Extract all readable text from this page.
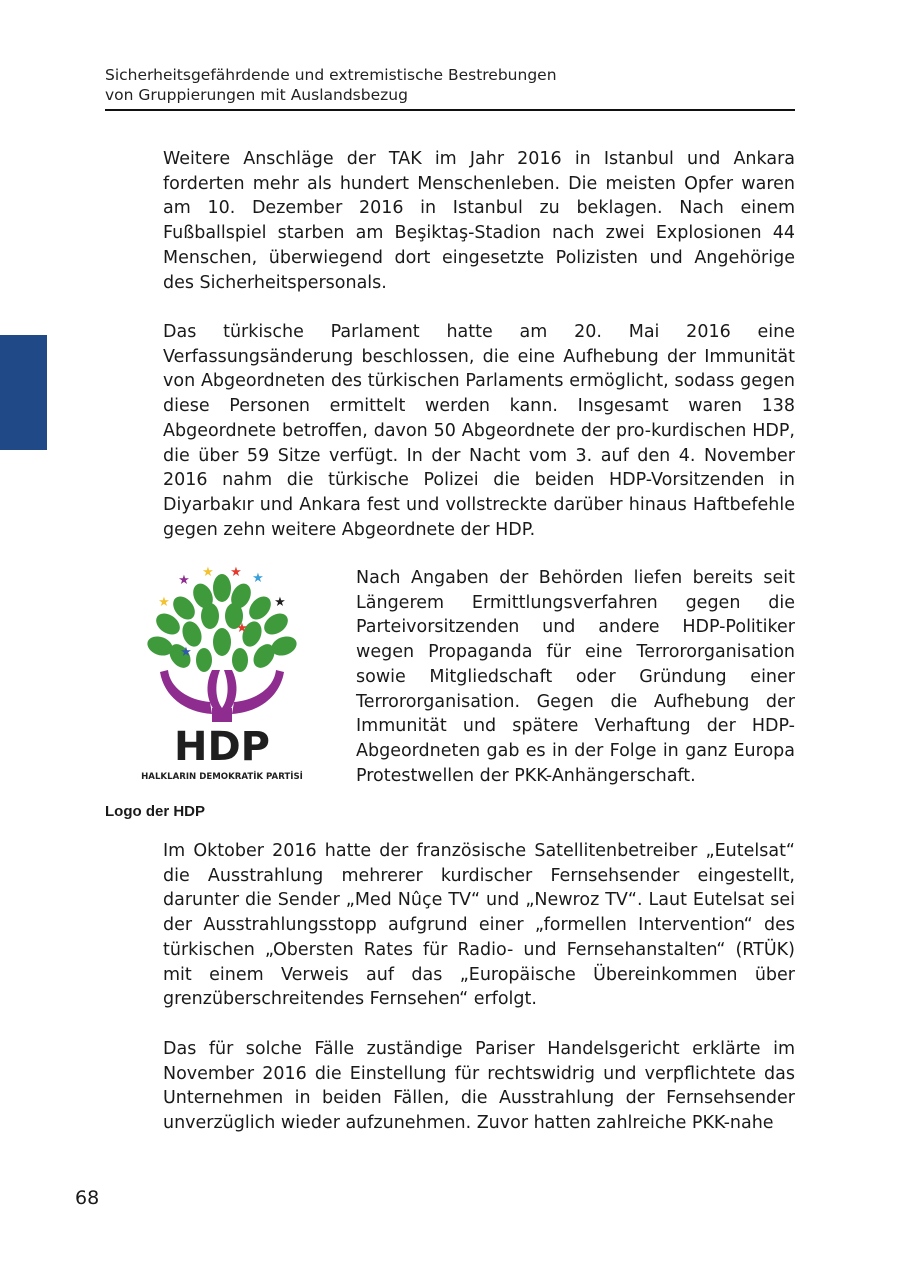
Sicherheitsgefährdende und extremistische Bestrebungen
von Gruppierungen mit Auslandsbezug

Weitere Anschläge der TAK im Jahr 2016 in Istanbul und Ankara forderten mehr als hundert Menschenleben. Die meisten Opfer waren am 10. Dezember 2016 in Istanbul zu beklagen. Nach einem Fußballspiel starben am Beşiktaş-Stadion nach zwei Explosionen 44 Menschen, überwiegend dort eingesetzte Polizisten und Angehörige des Sicherheitspersonals.

Das türkische Parlament hatte am 20. Mai 2016 eine Verfassungsänderung beschlossen, die eine Aufhebung der Immunität von Abgeordneten des türkischen Parlaments ermöglicht, sodass gegen diese Personen ermittelt werden kann. Insgesamt waren 138 Abgeordnete betroffen, davon 50 Abgeordnete der pro-kurdischen HDP, die über 59 Sitze verfügt. In der Nacht vom 3. auf den 4. November 2016 nahm die türkische Polizei die beiden HDP-Vorsitzenden in Diyarbakır und Ankara fest und vollstreckte darüber hinaus Haftbefehle gegen zehn weitere Abgeordnete der HDP.

★
★ ★ ★
★
★
★
★
HDP
HALKLARIN DEMOKRATİK PARTİSİ

Nach Angaben der Behörden liefen bereits seit Längerem Ermittlungsverfahren gegen die Parteivorsitzenden und andere HDP-Politiker wegen Propaganda für eine Terrororganisation sowie Mitgliedschaft oder Gründung einer Terrororganisation. Gegen die Aufhebung der Immunität und spätere Verhaftung der HDP-Abgeordneten gab es in der Folge in ganz Europa Protestwellen der PKK-Anhängerschaft.

Logo der HDP

Im Oktober 2016 hatte der französische Satellitenbetreiber „Eutelsat“ die Ausstrahlung mehrerer kurdischer Fernsehsender eingestellt, darunter die Sender „Med Nûçe TV“ und „Newroz TV“. Laut Eutelsat sei der Ausstrahlungsstopp aufgrund einer „formellen Intervention“ des türkischen „Obersten Rates für Radio- und Fernsehanstalten“ (RTÜK) mit einem Verweis auf das „Europäische Übereinkommen über grenzüberschreitendes Fernsehen“ erfolgt.

Das für solche Fälle zuständige Pariser Handelsgericht erklärte im November 2016 die Einstellung für rechtswidrig und verpflichtete das Unternehmen in beiden Fällen, die Ausstrahlung der Fernsehsender unverzüglich wieder aufzunehmen. Zuvor hatten zahlreiche PKK-nahe

68
